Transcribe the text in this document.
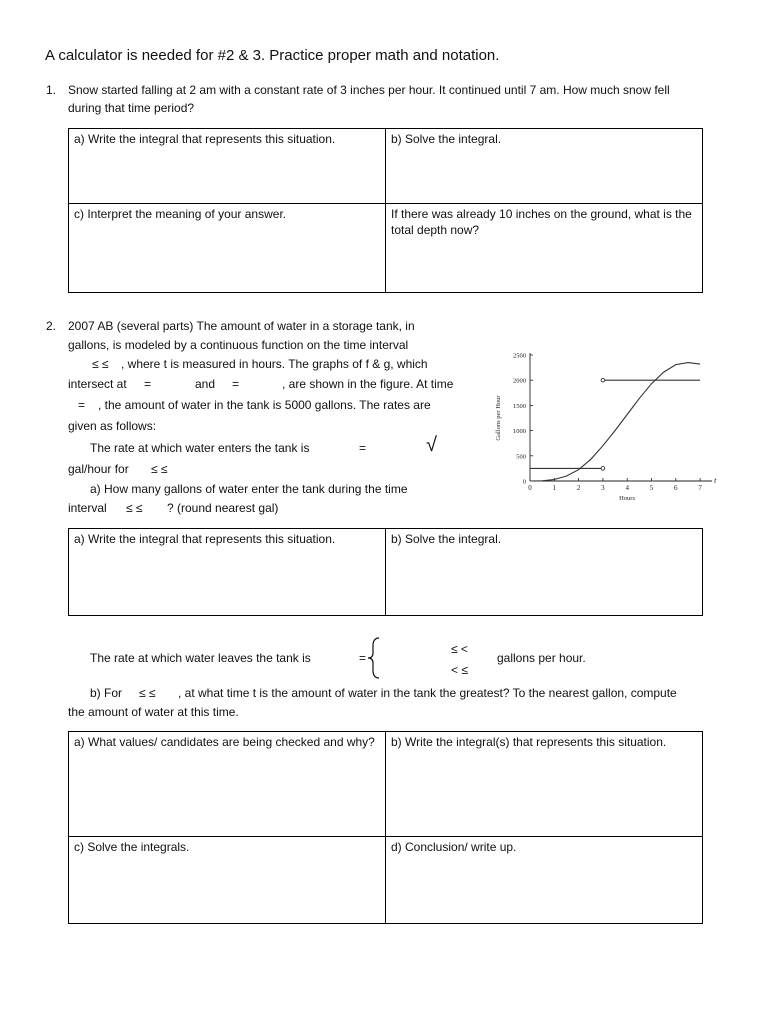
A calculator is needed for #2 & 3. Practice proper math and notation.
1. Snow started falling at 2 am with a constant rate of 3 inches per hour. It continued until 7 am. How much snow fell
during that time period?
a) Write the integral that represents this situation.	b) Solve the integral.
c) Interpret the meaning of your answer.	If there was already 10 inches on the ground, what is the total depth now?
2. 2007 AB (several parts) The amount of water in a storage tank, in
gallons, is modeled by a continuous function on the time interval
≤ ≤ , where t is measured in hours. The graphs of f & g, which
intersect at =	and =	, are shown in the figure. At time
= , the amount of water in the tank is 5000 gallons. The rates are
given as follows:
The rate at which water enters the tank is	=	√
gal/hour for ≤ ≤
a) How many gallons of water enter the tank during the time
interval ≤ ≤ ? (round nearest gal)
0	1	2	3	4	5	6	7
0
500
1000
1500
2000
2500
Hours
t
Gallons per Hour
a) Write the integral that represents this situation.	b) Solve the integral.
The rate at which water leaves the tank is	=
≤ <
gallons per hour.
< ≤
b) For ≤ ≤ , at what time t is the amount of water in the tank the greatest? To the nearest gallon, compute
the amount of water at this time.
a) What values/ candidates are being checked and why?	b) Write the integral(s) that represents this situation.
c) Solve the integrals.	d) Conclusion/ write up.
